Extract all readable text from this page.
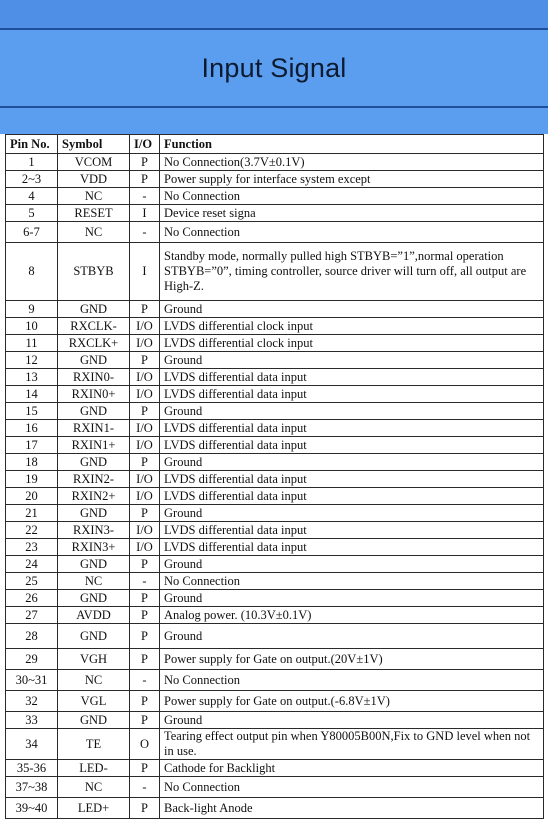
Input Signal
Pin No.	Symbol	I/O	Function
1	VCOM	P	No Connection(3.7V±0.1V)
2~3	VDD	P	Power supply for interface system except
4	NC	-	No Connection
5	RESET	I	Device reset signa
6-7	NC	-	No Connection
8	STBYB	I	Standby mode, normally pulled high STBYB=”1”,normal operation STBYB=”0”, timing controller, source driver will turn off, all output are High-Z.
9	GND	P	Ground
10	RXCLK-	I/O	LVDS differential clock input
11	RXCLK+	I/O	LVDS differential clock input
12	GND	P	Ground
13	RXIN0-	I/O	LVDS differential data input
14	RXIN0+	I/O	LVDS differential data input
15	GND	P	Ground
16	RXIN1-	I/O	LVDS differential data input
17	RXIN1+	I/O	LVDS differential data input
18	GND	P	Ground
19	RXIN2-	I/O	LVDS differential data input
20	RXIN2+	I/O	LVDS differential data input
21	GND	P	Ground
22	RXIN3-	I/O	LVDS differential data input
23	RXIN3+	I/O	LVDS differential data input
24	GND	P	Ground
25	NC	-	No Connection
26	GND	P	Ground
27	AVDD	P	Analog power. (10.3V±0.1V)
28	GND	P	Ground
29	VGH	P	Power supply for Gate on output.(20V±1V)
30~31	NC	-	No Connection
32	VGL	P	Power supply for Gate on output.(-6.8V±1V)
33	GND	P	Ground
34	TE	O	Tearing effect output pin when Y80005B00N,Fix to GND level when not in use.
35-36	LED-	P	Cathode for Backlight
37~38	NC	-	No Connection
39~40	LED+	P	Back-light Anode
